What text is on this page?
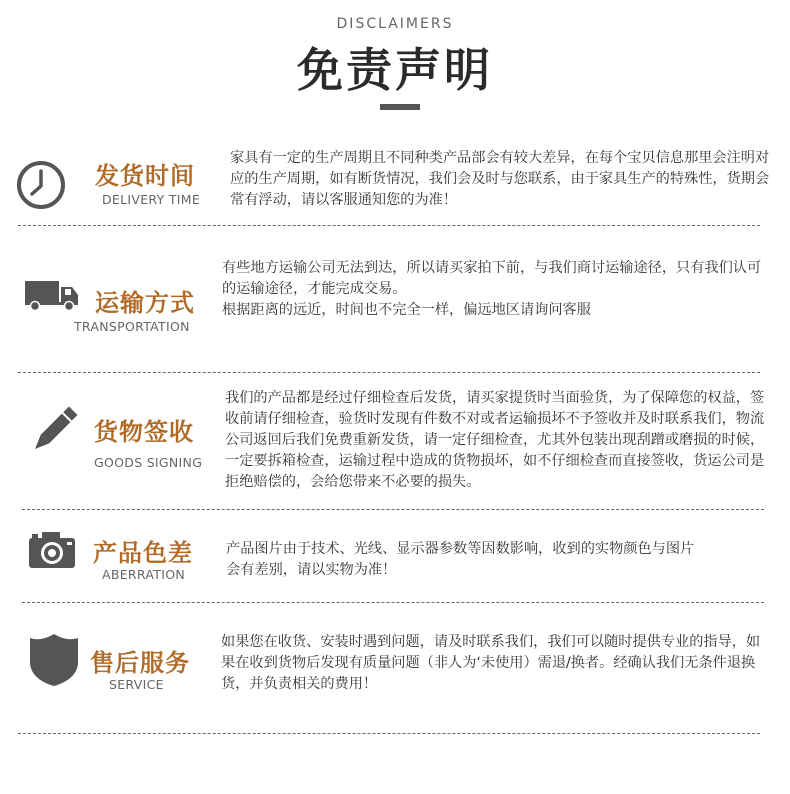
DISCLAIMERS
免责声明
发货时间
DELIVERY TIME
家具有一定的生产周期且不同种类产品部会有较大差异，在每个宝贝信息那里会注明对应的生产周期，如有断货情况，我们会及时与您联系，由于家具生产的特殊性，货期会常有浮动，请以客服通知您的为准！
运输方式
TRANSPORTATION
有些地方运输公司无法到达，所以请买家拍下前，与我们商讨运输途径，只有我们认可的运输途径，才能完成交易。
根据距离的远近，时间也不完全一样，偏远地区请询问客服
货物签收
GOODS SIGNING
我们的产品都是经过仔细检查后发货，请买家提货时当面验货，为了保障您的权益，签收前请仔细检查，验货时发现有件数不对或者运输损坏不予签收并及时联系我们，物流公司返回后我们免费重新发货，请一定仔细检查，尤其外包装出现刮蹭或磨损的时候，一定要拆箱检查，运输过程中造成的货物损坏，如不仔细检查而直接签收，货运公司是拒绝赔偿的，会给您带来不必要的损失。
产品色差
ABERRATION
产品图片由于技术、光线、显示器参数等因数影响，收到的实物颜色与图片会有差别，请以实物为准！
售后服务
SERVICE
如果您在收货、安装时遇到问题，请及时联系我们，我们可以随时提供专业的指导，如果在收到货物后发现有质量问题（非人为‘未使用）需退/换者。经确认我们无条件退换货，并负责相关的费用！
